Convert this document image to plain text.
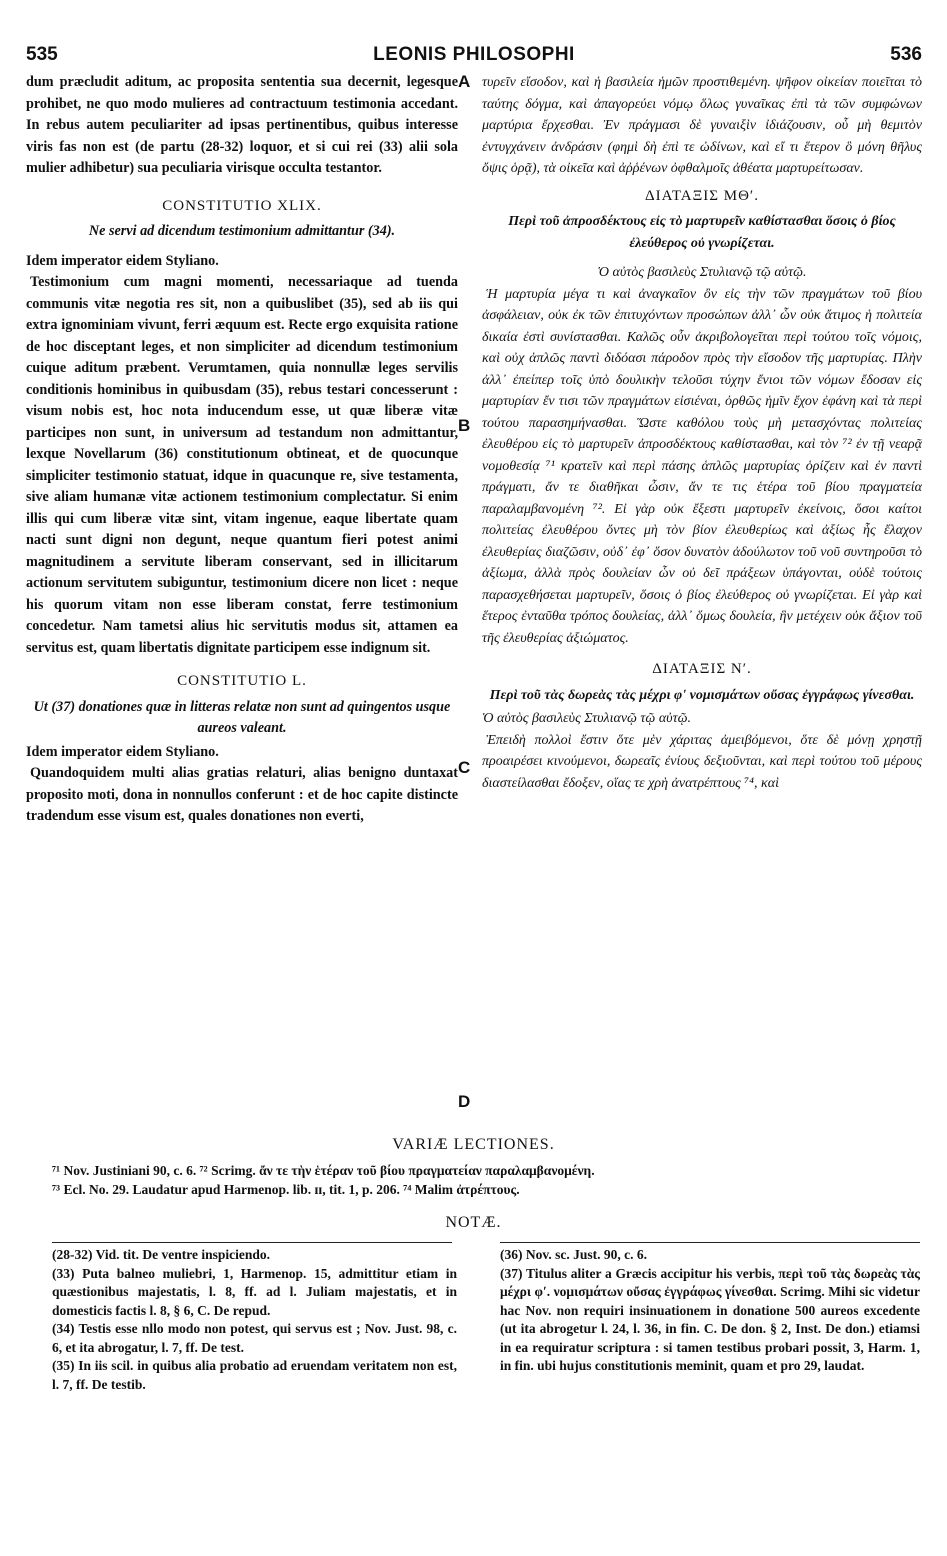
535	LEONIS PHILOSOPHI	536
A
B
C
D

dum præcludit aditum, ac proposita sententia sua decernit, legesque prohibet, ne quo modo mulieres ad contractuum testimonia accedant. In rebus autem peculiariter ad ipsas pertinentibus, quibus interesse viris fas non est (de partu (28-32) loquor, et si cui rei (33) alii sola mulier adhibetur) sua peculiaria virisque occulta testantor.

CONSTITUTIO XLIX.

Ne servi ad dicendum testimonium admittantur (34).

Idem imperator eidem Styliano.

Testimonium cum magni momenti, necessariaque ad tuenda communis vitæ negotia res sit, non a quibuslibet (35), sed ab iis qui extra ignominiam vivunt, ferri æquum est. Recte ergo exquisita ratione de hoc disceptant leges, et non simpliciter ad dicendum testimonium cuique aditum præbent. Verumtamen, quia nonnullæ leges servilis conditionis hominibus in quibusdam (35), rebus testari concesserunt : visum nobis est, hoc nota inducendum esse, ut quæ liberæ vitæ participes non sunt, in universum ad testandum non admittantur, lexque Novellarum (36) constitutionum obtineat, et de quocunque simpliciter testimonio statuat, idque in quacunque re, sive testamenta, sive aliam humanæ vitæ actionem testimonium complectatur. Si enim illis qui cum liberæ vitæ sint, vitam ingenue, eaque libertate quam nacti sunt digni non degunt, neque quantum fieri potest animi magnitudinem a servitute liberam conservant, sed in illicitarum actionum servitutem subiguntur, testimonium dicere non licet : neque his quorum vitam non esse liberam constat, ferre testimonium concedetur. Nam tametsi alius hic servitutis modus sit, attamen ea servitus est, quam libertatis dignitate participem esse indignum sit.

CONSTITUTIO L.

Ut (37) donationes quæ in litteras relatæ non sunt ad quingentos usque aureos valeant.

Idem imperator eidem Styliano.

Quandoquidem multi alias gratias relaturi, alias benigno duntaxat proposito moti, dona in nonnullos conferunt : et de hoc capite distincte tradendum esse visum est, quales donationes non everti,

τυρεῖν εἴσοδον, καὶ ἡ βασιλεία ἡμῶν προστιθεμένη. ψῆφον οἰκείαν ποιεῖται τὸ ταύτης δόγμα, καὶ ἀπαγορεύει νόμῳ ὅλως γυναῖκας ἐπὶ τὰ τῶν συμφώνων μαρτύρια ἔρχεσθαι. Ἐν πράγμασι δὲ γυναιξὶν ἰδιάζουσιν, οὗ μὴ θεμιτὸν ἐντυγχάνειν ἀνδράσιν (φημὶ δὴ ἐπὶ τε ὠδίνων, καὶ εἴ τι ἕτερον ὃ μόνη θῆλυς ὄψις ὁρᾷ), τὰ οἰκεῖα καὶ ἀῤῥένων ὀφθαλμοῖς ἀθέατα μαρτυρείτωσαν.

ΔΙΑΤΑΞΙΣ ΜΘʹ.

Περὶ τοῦ ἀπροσδέκτους εἰς τὸ μαρτυρεῖν καθίστασθαι ὅσοις ὁ βίος ἐλεύθερος οὐ γνωρίζεται.

Ὁ αὐτὸς βασιλεὺς Στυλιανῷ τῷ αὐτῷ.

Ἡ μαρτυρία μέγα τι καὶ ἀναγκαῖον ὂν εἰς τὴν τῶν πραγμάτων τοῦ βίου ἀσφάλειαν, οὐκ ἐκ τῶν ἐπιτυχόντων προσώπων ἀλλ᾽ ὧν οὐκ ἄτιμος ἡ πολιτεία δικαία ἐστὶ συνίστασθαι. Καλῶς οὖν ἀκριβολογεῖται περὶ τούτου τοῖς νόμοις, καὶ οὐχ ἁπλῶς παντὶ διδόασι πάροδον πρὸς τὴν εἴσοδον τῆς μαρτυρίας. Πλὴν ἀλλ᾽ ἐπείπερ τοῖς ὑπὸ δουλικὴν τελοῦσι τύχην ἔνιοι τῶν νόμων ἔδοσαν εἰς μαρτυρίαν ἔν τισι τῶν πραγμάτων εἰσιέναι, ὀρθῶς ἡμῖν ἔχον ἐφάνη καὶ τὰ περὶ τούτου παρασημήνασθαι. Ὥστε καθόλου τοὺς μὴ μετασχόντας πολιτείας ἐλευθέρου εἰς τὸ μαρτυρεῖν ἀπροσδέκτους καθίστασθαι, καὶ τὸν ⁷² ἐν τῇ νεαρᾷ νομοθεσίᾳ ⁷¹ κρατεῖν καὶ περὶ πάσης ἁπλῶς μαρτυρίας ὁρίζειν καὶ ἐν παντὶ πράγματι, ἄν τε διαθῆκαι ὦσιν, ἄν τε τις ἑτέρα τοῦ βίου πραγματεία παραλαμβανομένη ⁷². Εἰ γὰρ οὐκ ἔξεστι μαρτυρεῖν ἐκείνοις, ὅσοι καίτοι πολιτείας ἐλευθέρου ὄντες μὴ τὸν βίον ἐλευθερίως καὶ ἀξίως ἧς ἔλαχον ἐλευθερίας διαζῶσιν, οὐδ᾽ ἐφ᾽ ὅσον δυνατὸν ἀδούλωτον τοῦ νοῦ συντηροῦσι τὸ ἀξίωμα, ἀλλὰ πρὸς δουλείαν ὧν οὐ δεῖ πράξεων ὑπάγονται, οὐδὲ τούτοις παρασχεθήσεται μαρτυρεῖν, ὅσοις ὁ βίος ἐλεύθερος οὐ γνωρίζεται. Εἰ γὰρ καὶ ἕτερος ἐνταῦθα τρόπος δουλείας, ἀλλ᾽ ὅμως δουλεία, ἣν μετέχειν οὐκ ἄξιον τοῦ τῆς ἐλευθερίας ἀξιώματος.

ΔΙΑΤΑΞΙΣ Νʹ.

Περὶ τοῦ τὰς δωρεὰς τὰς μέχρι φʹ νομισμάτων οὔσας ἐγγράφως γίνεσθαι.

Ὁ αὐτὸς βασιλεὺς Στυλιανῷ τῷ αὐτῷ.

Ἐπειδὴ πολλοὶ ἔστιν ὅτε μὲν χάριτας ἀμειβόμενοι, ὅτε δὲ μόνῃ χρηστῇ προαιρέσει κινούμενοι, δωρεαῖς ἐνίους δεξιοῦνται, καὶ περὶ τούτου τοῦ μέρους διαστείλασθαι ἔδοξεν, οἵας τε χρὴ ἀνατρέπτους ⁷⁴, καὶ

VARIÆ LECTIONES.

⁷¹ Nov. Justiniani 90, c. 6. ⁷² Scrimg. ἄν τε τὴν ἑτέραν τοῦ βίου πραγματείαν παραλαμβανομένη.

⁷³ Ecl. No. 29. Laudatur apud Harmenop. lib. ɪɪ, tit. 1, p. 206. ⁷⁴ Malim ἀτρέπτους.

NOTÆ.

(28-32) Vid. tit. De ventre inspiciendo.

(33) Puta balneo muliebri, 1, Harmenop. 15, admittitur etiam in quæstionibus majestatis, l. 8, ff. ad l. Juliam majestatis, et in domesticis factis l. 8, § 6, C. De repud.

(34) Testis esse nllo modo non potest, qui servus est ; Nov. Just. 98, c. 6, et ita abrogatur, l. 7, ff. De test.

(35) In iis scil. in quibus alia probatio ad eruendam veritatem non est, l. 7, ff. De testib.

(36) Nov. sc. Just. 90, c. 6.

(37) Titulus aliter a Græcis accipitur his verbis, περὶ τοῦ τὰς δωρεὰς τὰς μέχρι φʹ. νομισμάτων οὔσας ἐγγράφως γίνεσθαι. Scrimg. Mihi sic videtur hac Nov. non requiri insinuationem in donatione 500 aureos excedente (ut ita abrogetur l. 24, l. 36, in fin. C. De don. § 2, Inst. De don.) etiamsi in ea requiratur scriptura : si tamen testibus probari possit, 3, Harm. 1, in fin. ubi hujus constitutionis meminit, quam et pro 29, laudat.
